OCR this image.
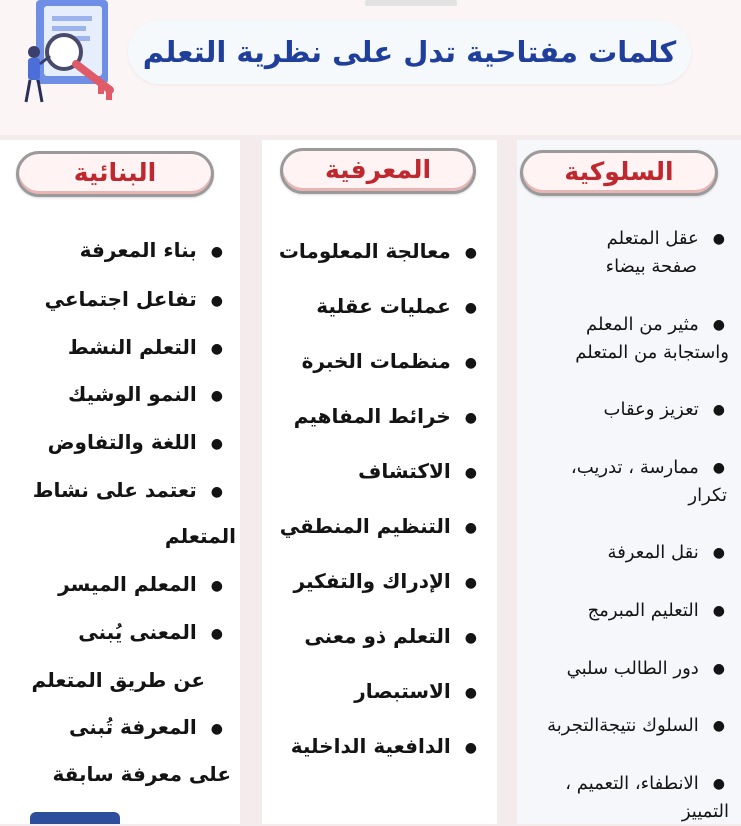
كلمات مفتاحية تدل على نظرية التعلم
السلوكية
المعرفية
البنائية
●عقل المتعلم
صفحة بيضاء
●مثير من المعلم
واستجابة من المتعلم
●تعزيز وعقاب
●ممارسة ، تدريب،
تكرار
●نقل المعرفة
●التعليم المبرمج
●دور الطالب سلبي
●السلوك نتيجةالتجربة
●الانطفاء، التعميم ،
التمييز
●معالجة المعلومات
●عمليات عقلية
●منظمات الخبرة
●خرائط المفاهيم
●الاكتشاف
●التنظيم المنطقي
●الإدراك والتفكير
●التعلم ذو معنى
●الاستبصار
●الدافعية الداخلية
●بناء المعرفة
●تفاعل اجتماعي
●التعلم النشط
●النمو الوشيك
●اللغة والتفاوض
●تعتمد على نشاط
المتعلم
●المعلم الميسر
●المعنى يُبنى
عن طريق المتعلم
●المعرفة تُبنى
على معرفة سابقة
